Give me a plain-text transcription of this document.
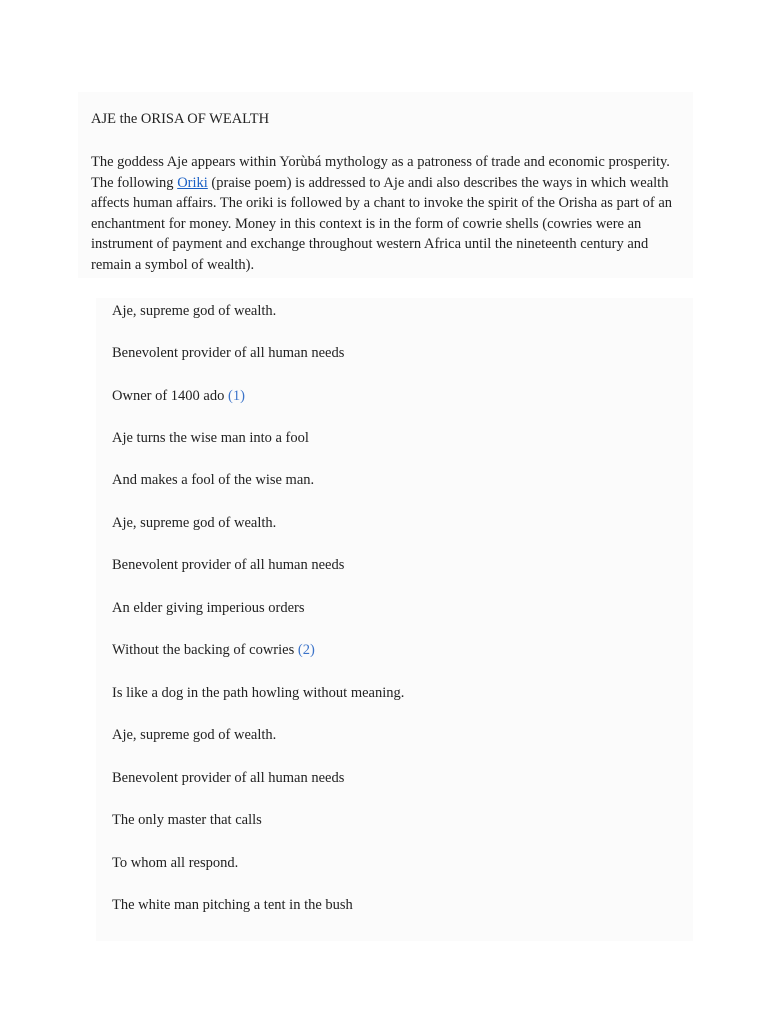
AJE the ORISA OF WEALTH
The goddess Aje appears within Yorùbá mythology as a patroness of trade and economic prosperity. The following Oriki (praise poem) is addressed to Aje andi also describes the ways in which wealth affects human affairs. The oriki is followed by a chant to invoke the spirit of the Orisha as part of an enchantment for money. Money in this context is in the form of cowrie shells (cowries were an instrument of payment and exchange throughout western Africa until the nineteenth century and remain a symbol of wealth).
Aje, supreme god of wealth.
Benevolent provider of all human needs
Owner of 1400 ado (1)
Aje turns the wise man into a fool
And makes a fool of the wise man.
Aje, supreme god of wealth.
Benevolent provider of all human needs
An elder giving imperious orders
Without the backing of cowries (2)
Is like a dog in the path howling without meaning.
Aje, supreme god of wealth.
Benevolent provider of all human needs
The only master that calls
To whom all respond.
The white man pitching a tent in the bush
